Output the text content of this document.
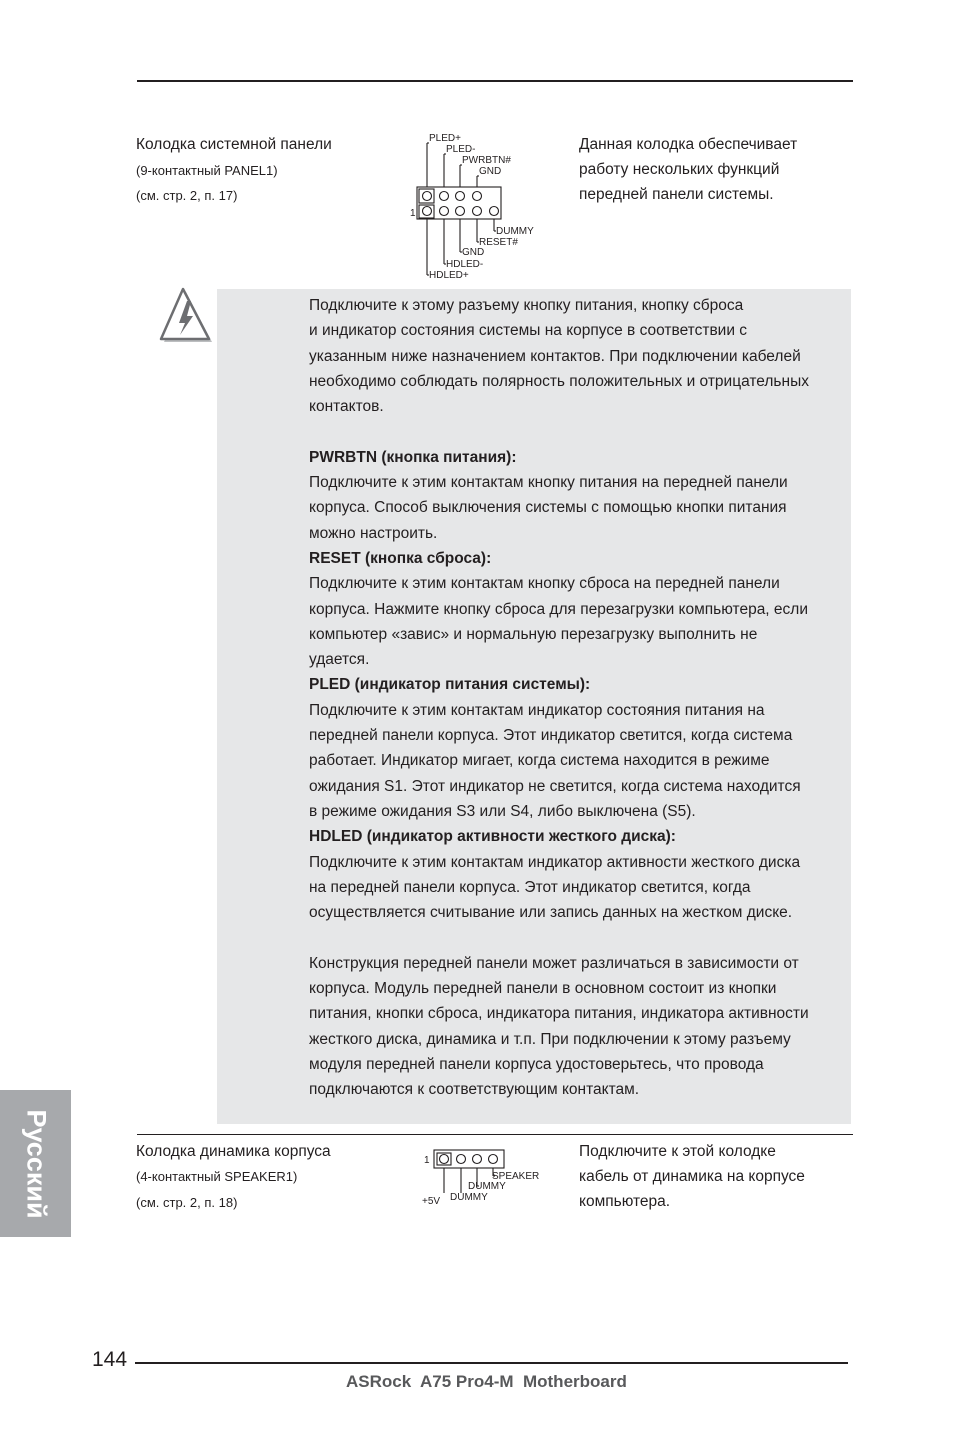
Колодка системной панели
(9-контактный PANEL1)
(см. стр. 2, п. 17)
Данная колодка обеспечивает
работу нескольких функций
передней панели системы.
1
PLED+
PLED-
PWRBTN#
GND
DUMMY
RESET#
GND
HDLED-
HDLED+

Подключите к этому разъему кнопку питания, кнопку сброса

и индикатор состояния системы на корпусе в соответствии с

указанным ниже назначением контактов. При подключении кабелей

необходимо соблюдать полярность положительных и отрицательных

контактов.

PWRBTN (кнопка питания):

Подключите к этим контактам кнопку питания на передней панели

корпуса. Способ выключения системы с помощью кнопки питания

можно настроить.

RESET (кнопка сброса):

Подключите к этим контактам кнопку сброса на передней панели

корпуса. Нажмите кнопку сброса для перезагрузки компьютера, если

компьютер «завис» и нормальную перезагрузку выполнить не

удается.

PLED (индикатор питания системы):

Подключите к этим контактам индикатор состояния питания на

передней панели корпуса. Этот индикатор светится, когда система

работает. Индикатор мигает, когда система находится в режиме

ожидания S1. Этот индикатор не светится, когда система находится

в режиме ожидания S3 или S4, либо выключена (S5).

HDLED (индикатор активности жесткого диска):

Подключите к этим контактам индикатор активности жесткого диска

на передней панели корпуса. Этот индикатор светится, когда

осуществляется считывание или запись данных на жестком диске.

Конструкция передней панели может различаться в зависимости от

корпуса. Модуль передней панели в основном состоит из кнопки

питания, кнопки сброса, индикатора питания, индикатора активности

жесткого диска, динамика и т.п. При подключении к этому разъему

модуля передней панели корпуса удостоверьтесь, что провода

подключаются к соответствующим контактам.

Колодка динамика корпуса
(4-контактный SPEAKER1)
(см. стр. 2, п. 18)
Подключите к этой колодке
кабель от динамика на корпусе
компьютера.
1
SPEAKER
DUMMY
+5V DUMMY
Русский
144
ASRock  A75 Pro4-M  Motherboard
